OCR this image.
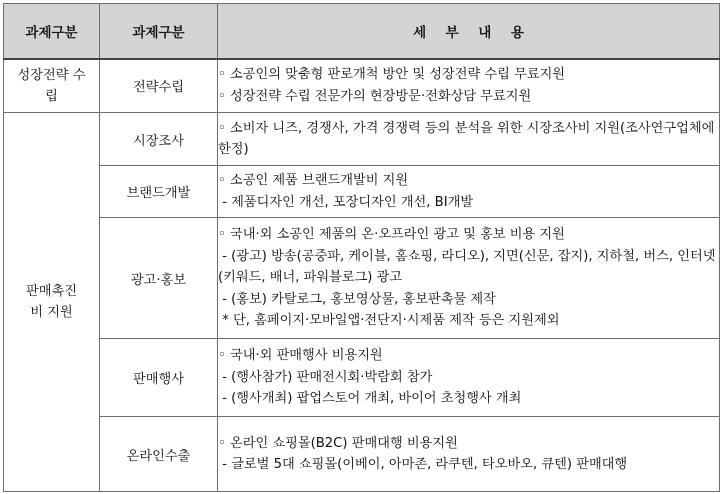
과제구분	과제구분	세 부 내 용
성장전략 수립	전략수립	◦ 소공인의 맞춤형 판로개척 방안 및 성장전략 수립 무료지원
◦ 성장전략 수립 전문가의 현장방문·전화상담 무료지원

판매촉진 비 지원	시장조사	◦ 소비자 니즈, 경쟁사, 가격 경쟁력 등의 분석을 위한 시장조사비 지원(조사연구업체에 한정)

	브랜드개발	◦ 소공인 제품 브랜드개발비 지원
- 제품디자인 개선, 포장디자인 개선, BI개발

	광고·홍보	◦ 국내·외 소공인 제품의 온·오프라인 광고 및 홍보 비용 지원
- (광고) 방송(공중파, 케이블, 홈쇼핑, 라디오), 지면(신문, 잡지), 지하철, 버스, 인터넷(키워드, 배너, 파워블로그) 광고
- (홍보) 카탈로그, 홍보영상물, 홍보판촉물 제작
* 단, 홈페이지·모바일앱·전단지·시제품 제작 등은 지원제외

	판매행사	◦ 국내·외 판매행사 비용지원
- (행사참가) 판매전시회·박람회 참가
- (행사개최) 팝업스토어 개최, 바이어 초청행사 개최

	온라인수출	◦ 온라인 쇼핑몰(B2C) 판매대행 비용지원
- 글로벌 5대 쇼핑몰(이베이, 아마존, 라쿠텐, 타오바오, 큐텐) 판매대행
